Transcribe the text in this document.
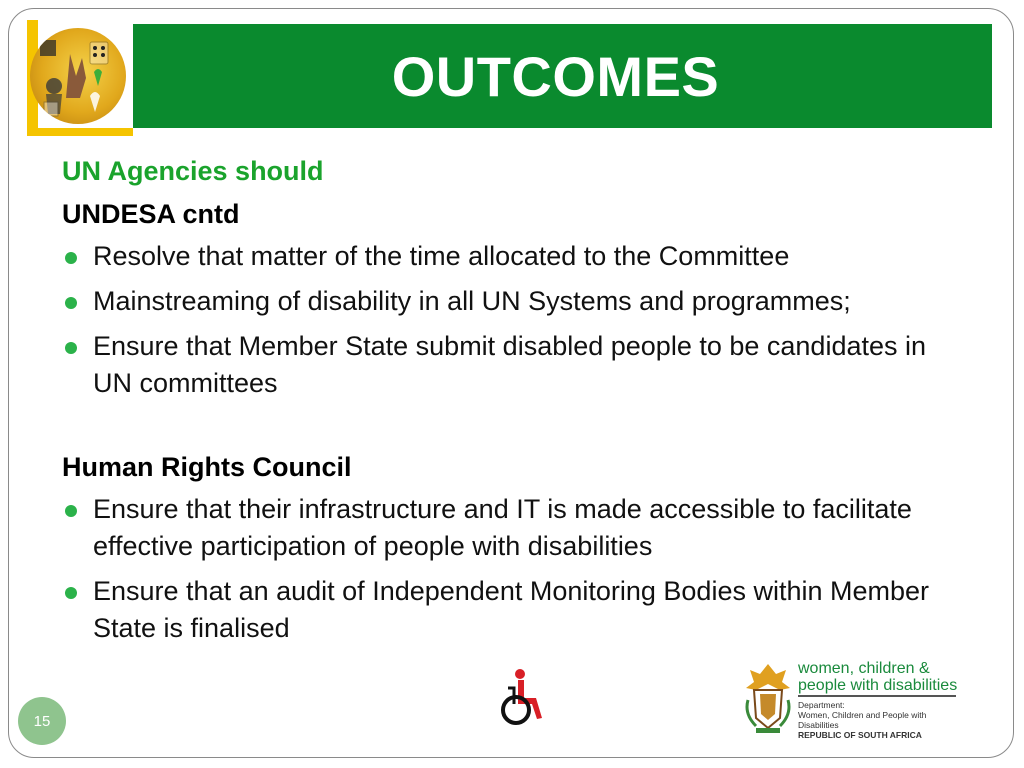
OUTCOMES
UN Agencies should
UNDESA cntd
Resolve that matter of the time allocated to the Committee
Mainstreaming of disability in all UN Systems and programmes;
Ensure that Member State submit disabled people to be candidates in UN committees
Human Rights Council
Ensure that their infrastructure and IT is made accessible to facilitate effective participation of people with disabilities
Ensure that an audit of Independent Monitoring Bodies within Member State is finalised
15
women, children &
people with disabilities
Department:
Women, Children and People with Disabilities
REPUBLIC OF SOUTH AFRICA
